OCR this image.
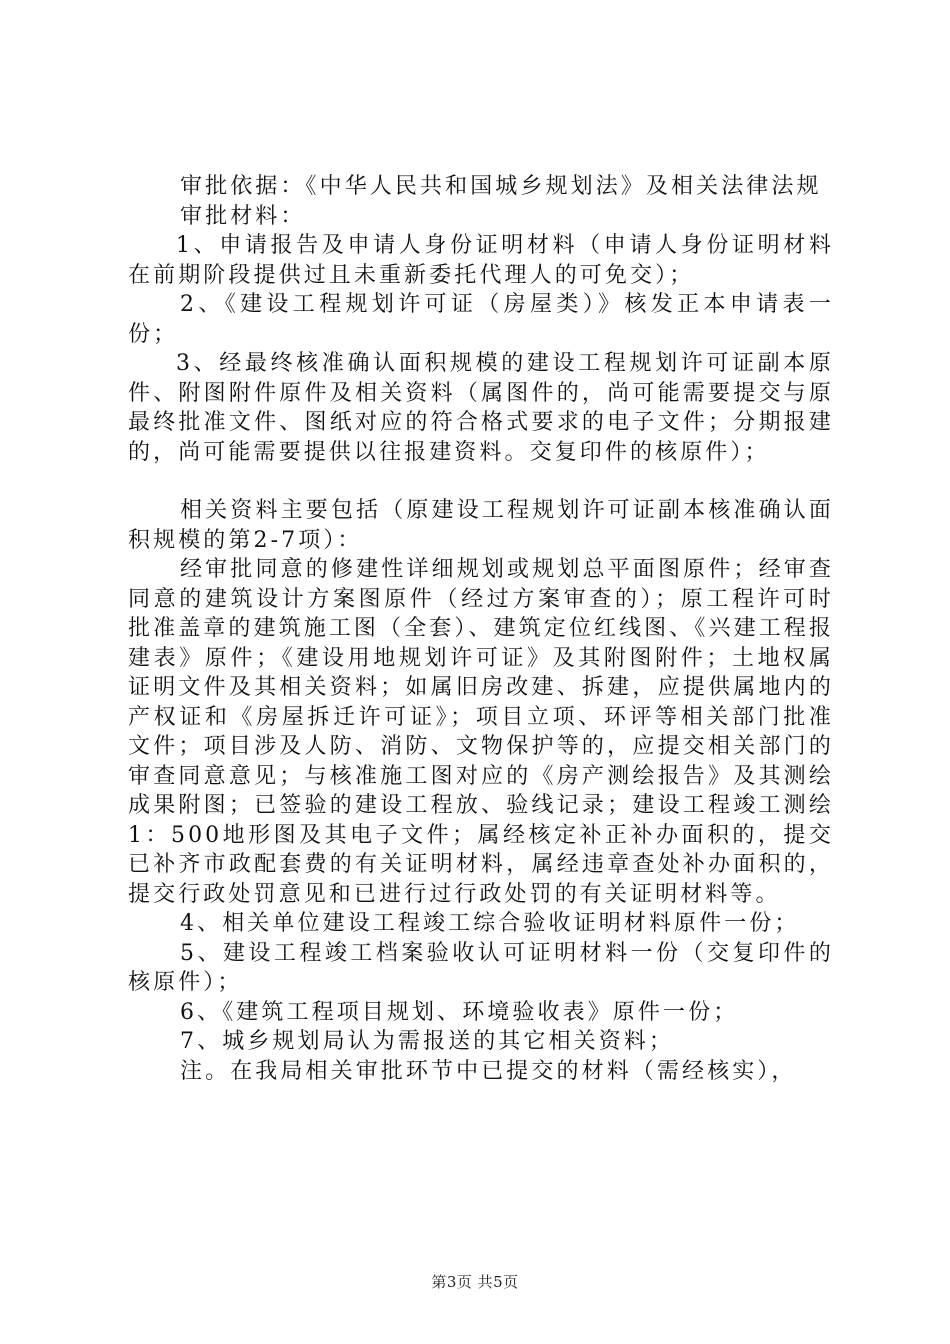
审批依据：《中华人民共和国城乡规划法》及相关法律法规

审批材料：

1、申请报告及申请人身份证明材料（申请人身份证明材料在前期阶段提供过且未重新委托代理人的可免交）；

2、《建设工程规划许可证（房屋类）》核发正本申请表一份；

3、经最终核准确认面积规模的建设工程规划许可证副本原件、附图附件原件及相关资料（属图件的，尚可能需要提交与原最终批准文件、图纸对应的符合格式要求的电子文件；分期报建的，尚可能需要提供以往报建资料。交复印件的核原件）；

相关资料主要包括（原建设工程规划许可证副本核准确认面积规模的第2-7项）：

经审批同意的修建性详细规划或规划总平面图原件；经审查同意的建筑设计方案图原件（经过方案审查的）；原工程许可时批准盖章的建筑施工图（全套）、建筑定位红线图、《兴建工程报建表》原件；《建设用地规划许可证》及其附图附件；土地权属证明文件及其相关资料；如属旧房改建、拆建，应提供属地内的产权证和《房屋拆迁许可证》；项目立项、环评等相关部门批准文件；项目涉及人防、消防、文物保护等的，应提交相关部门的审查同意意见；与核准施工图对应的《房产测绘报告》及其测绘成果附图；已签验的建设工程放、验线记录；建设工程竣工测绘1：500地形图及其电子文件；属经核定补正补办面积的，提交已补齐市政配套费的有关证明材料，属经违章查处补办面积的，提交行政处罚意见和已进行过行政处罚的有关证明材料等。

4、相关单位建设工程竣工综合验收证明材料原件一份；

5、建设工程竣工档案验收认可证明材料一份（交复印件的核原件）；

6、《建筑工程项目规划、环境验收表》原件一份；

7、城乡规划局认为需报送的其它相关资料；

注。在我局相关审批环节中已提交的材料（需经核实），

第3页 共5页
